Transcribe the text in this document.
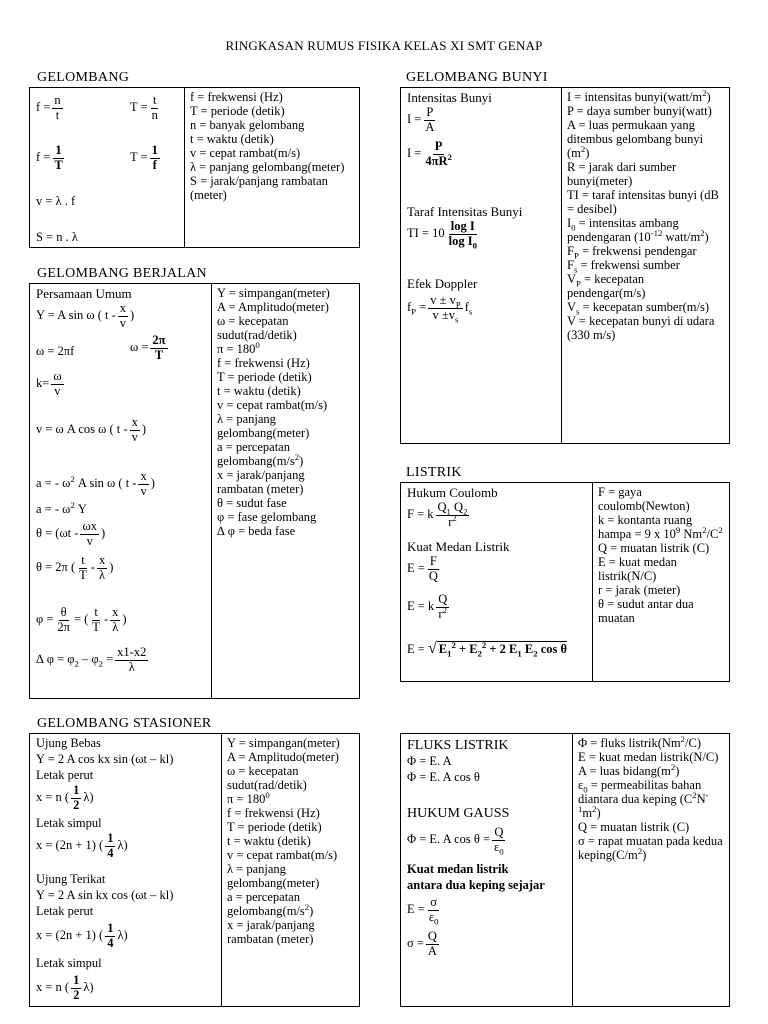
RINGKASAN RUMUS FISIKA KELAS XI SMT GENAP
GELOMBANG
$f = \frac{n}{t}$	$T = \frac{t}{n}$
$f = \frac{1}{T}$	$T = \frac{1}{f}$
v = λ . f
S = n . λ
f = frekwensi (Hz)
T = periode (detik)
n = banyak gelombang
t = waktu (detik)
v = cepat rambat(m/s)
λ = panjang gelombang(meter)
S = jarak/panjang rambatan (meter)
GELOMBANG BERJALAN
Persamaan Umum
Y = A sin ω ( t - $\frac{x}{v}$ )
ω = 2πf	$\omega = \frac{2\pi}{T}$
$k= \frac{\omega}{v}$
v = ω A cos ω ( t - $\frac{x}{v}$ )
a = - $\omega^2$ A sin ω ( t - $\frac{x}{v}$ )
a = - $\omega^2$ Y
$\theta = (\omega t - \frac{\omega x}{v}$ )
θ = 2π ( $\frac{t}{T} - \frac{x}{\lambda}$ )
$\varphi = \frac{\theta}{2\pi}$ = ( $\frac{t}{T} - \frac{x}{\lambda}$ )
∆ $\varphi = \varphi_2 - \varphi_2 = \frac{x1-x2}{\lambda}$
Y = simpangan(meter)
A = Amplitudo(meter)
ω = kecepatan sudut(rad/detik)
$\pi = 180^0$
f = frekwensi (Hz)
T = periode (detik)
t = waktu (detik)
v = cepat rambat(m/s)
λ = panjang gelombang(meter)
a = percepatan $gelombang(m/s^2)$
x = jarak/panjang rambatan (meter)
θ = sudut fase
φ = fase gelombang
∆ φ = beda fase
GELOMBANG STASIONER
Ujung Bebas
Y = 2 A cos kx sin (ωt – kl)
Letak perut
x = n ( $\frac{1}{2} \lambda$)
Letak simpul
x = (2n + 1) ( $\frac{1}{4} \lambda$)
Ujung Terikat
Y = 2 A sin kx cos (ωt – kl)
Letak perut
x = (2n + 1) ( $\frac{1}{4} \lambda$)
Letak simpul
x = n ( $\frac{1}{2} \lambda$)
Y = simpangan(meter)
A = Amplitudo(meter)
ω = kecepatan sudut(rad/detik)
$\pi = 180^0$
f = frekwensi (Hz)
T = periode (detik)
t = waktu (detik)
v = cepat rambat(m/s)
λ = panjang gelombang(meter)
a = percepatan $gelombang(m/s^2)$
x = jarak/panjang rambatan (meter)
GELOMBANG BUNYI
Intensitas Bunyi
$I = \frac{P}{A}$
$I = \frac{P}{4\pi R^2}$
Taraf Intensitas Bunyi
TI = $10 \frac{\text{log I}}{\log I_0}$
Efek Doppler
$f_P = \frac{v \pm v_P}{v \pm v_s} f_s$
I = intensitas $bunyi(watt/m^2)$
P = daya sumber bunyi(watt)
A = luas permukaan yang ditembus gelombang bunyi $(m^2)$
R = jarak dari sumber bunyi(meter)
TI = taraf intensitas bunyi (dB = desibel)
$I_0$ = intensitas ambang pendengaran ($10^{-12}$ watt/$m^2$)
$F_P$ = frekwensi pendengar
$F_s$ = frekwensi sumber
$V_P$ = kecepatan pendengar(m/s)
$V_s$ = kecepatan sumber(m/s)
V = kecepatan bunyi di udara (330 m/s)
LISTRIK
Hukum Coulomb
F = k $\frac{Q_1 Q_2}{r^2}$
Kuat Medan Listrik
$E = \frac{F}{Q}$
E = k $\frac{Q}{r^2}$
E = √ $E_1^2 + E_2^2 + 2$ $E_1$ $E_2$ cos θ
F = gaya coulomb(Newton)
k = kontanta ruang hampa = 9 x $10^9$ $Nm^2/C^2$
Q = muatan listrik (C)
E = kuat medan listrik(N/C)
r = jarak (meter)
θ = sudut antar dua muatan
FLUKS LISTRIK
Φ = E. A
Φ = E. A cos θ
HUKUM GAUSS
Φ = E. A $\cos \theta = \frac{Q}{\varepsilon_0}$
Kuat medan listrik
antara dua keping sejajar
$E = \frac{\sigma}{\varepsilon_0}$
$\sigma = \frac{Q}{A}$
Φ = fluks listrik(Nm$^2$/C)
E = kuat medan listrik(N/C)
A = luas $bidang(m^2)$
$\varepsilon_0$ = permeabilitas bahan diantara dua keping $(C^2N^{-1}m^2)$
Q = muatan listrik (C)
σ = rapat muatan pada kedua $keping(C/m^2)$
